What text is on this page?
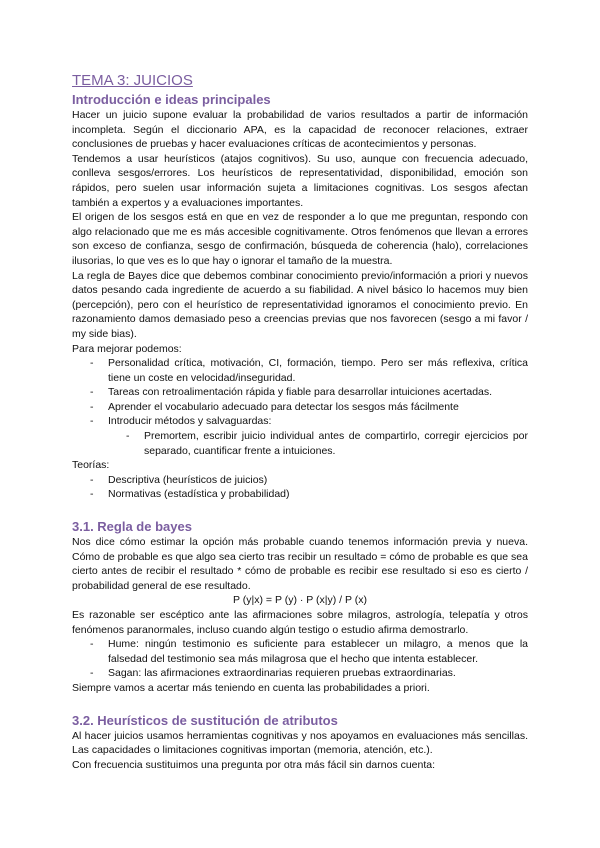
TEMA 3: JUICIOS
Introducción e ideas principales

Hacer un juicio supone evaluar la probabilidad de varios resultados a partir de información incompleta. Según el diccionario APA, es la capacidad de reconocer relaciones, extraer conclusiones de pruebas y hacer evaluaciones críticas de acontecimientos y personas.

Tendemos a usar heurísticos (atajos cognitivos). Su uso, aunque con frecuencia adecuado, conlleva sesgos/errores. Los heurísticos de representatividad, disponibilidad, emoción son rápidos, pero suelen usar información sujeta a limitaciones cognitivas. Los sesgos afectan también a expertos y a evaluaciones importantes.

El origen de los sesgos está en que en vez de responder a lo que me preguntan, respondo con algo relacionado que me es más accesible cognitivamente. Otros fenómenos que llevan a errores son exceso de confianza, sesgo de confirmación, búsqueda de coherencia (halo), correlaciones ilusorias, lo que ves es lo que hay o ignorar el tamaño de la muestra.

La regla de Bayes dice que debemos combinar conocimiento previo/información a priori y nuevos datos pesando cada ingrediente de acuerdo a su fiabilidad. A nivel básico lo hacemos muy bien (percepción), pero con el heurístico de representatividad ignoramos el conocimiento previo. En razonamiento damos demasiado peso a creencias previas que nos favorecen (sesgo a mi favor / my side bias).

Para mejorar podemos:

- Personalidad crítica, motivación, CI, formación, tiempo. Pero ser más reflexiva, crítica tiene un coste en velocidad/inseguridad.
- Tareas con retroalimentación rápida y fiable para desarrollar intuiciones acertadas.
- Aprender el vocabulario adecuado para detectar los sesgos más fácilmente
- Introducir métodos y salvaguardas:
- Premortem, escribir juicio individual antes de compartirlo, corregir ejercicios por separado, cuantificar frente a intuiciones.

Teorías:

- Descriptiva (heurísticos de juicios)
- Normativas (estadística y probabilidad)
3.1. Regla de bayes

Nos dice cómo estimar la opción más probable cuando tenemos información previa y nueva. Cómo de probable es que algo sea cierto tras recibir un resultado = cómo de probable es que sea cierto antes de recibir el resultado * cómo de probable es recibir ese resultado si eso es cierto / probabilidad general de ese resultado.

P (y|x) = P (y) · P (x|y) / P (x)

Es razonable ser escéptico ante las afirmaciones sobre milagros, astrología, telepatía y otros fenómenos paranormales, incluso cuando algún testigo o estudio afirma demostrarlo.

- Hume: ningún testimonio es suficiente para establecer un milagro, a menos que la falsedad del testimonio sea más milagrosa que el hecho que intenta establecer.
- Sagan: las afirmaciones extraordinarias requieren pruebas extraordinarias.

Siempre vamos a acertar más teniendo en cuenta las probabilidades a priori.

3.2. Heurísticos de sustitución de atributos

Al hacer juicios usamos herramientas cognitivas y nos apoyamos en evaluaciones más sencillas. Las capacidades o limitaciones cognitivas importan (memoria, atención, etc.).

Con frecuencia sustituimos una pregunta por otra más fácil sin darnos cuenta:
